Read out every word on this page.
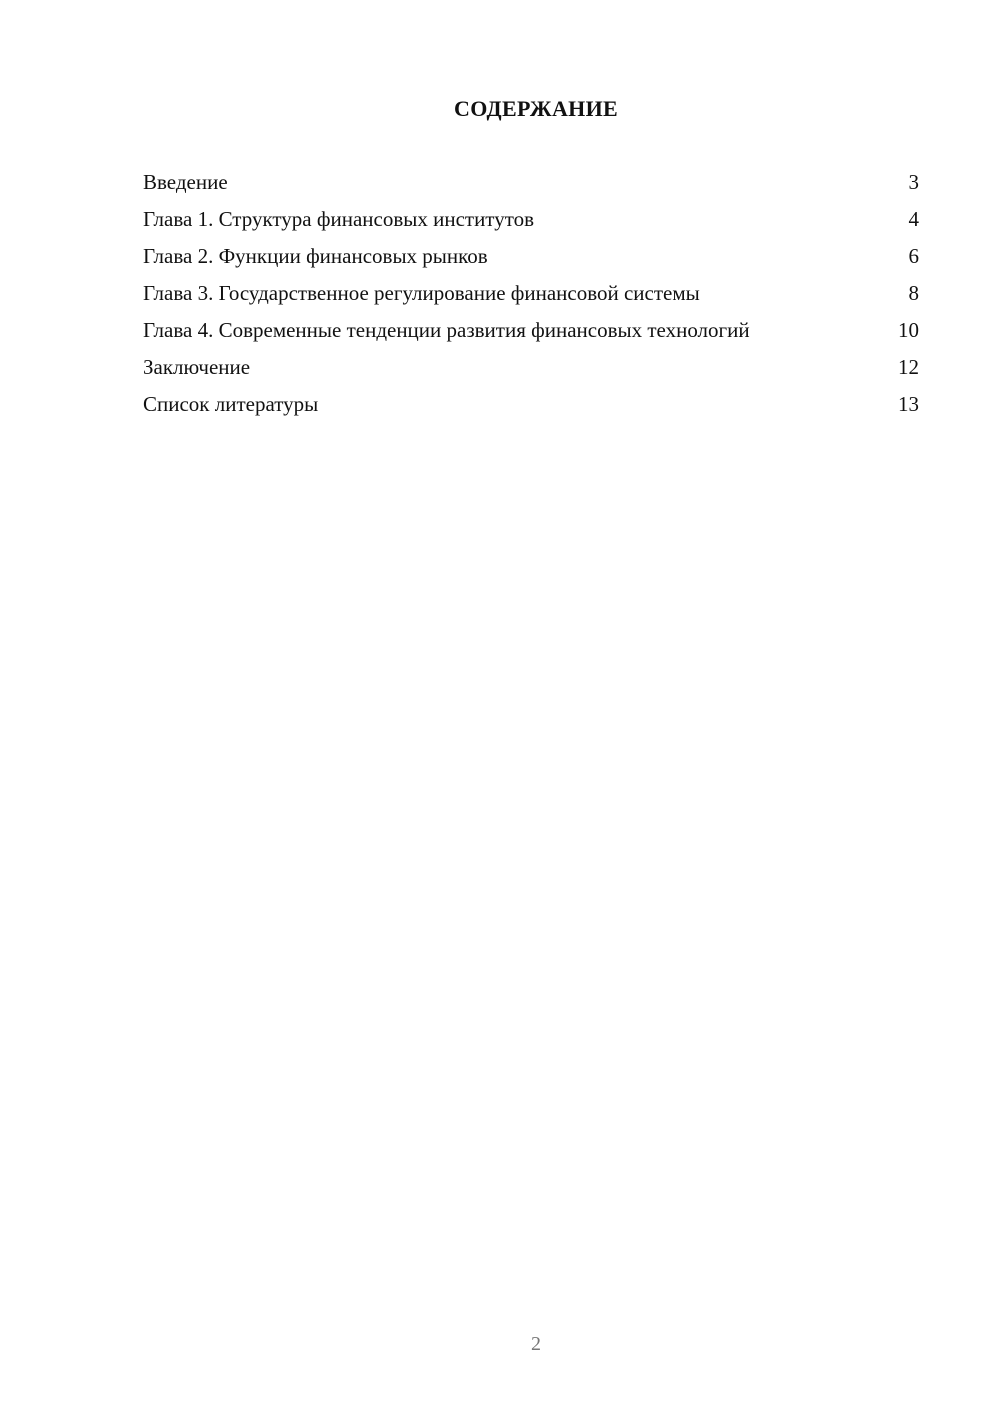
СОДЕРЖАНИЕ
Введение	3
Глава 1. Структура финансовых институтов	4
Глава 2. Функции финансовых рынков	6
Глава 3. Государственное регулирование финансовой системы	8
Глава 4. Современные тенденции развития финансовых технологий	10
Заключение	12
Список литературы	13
2
